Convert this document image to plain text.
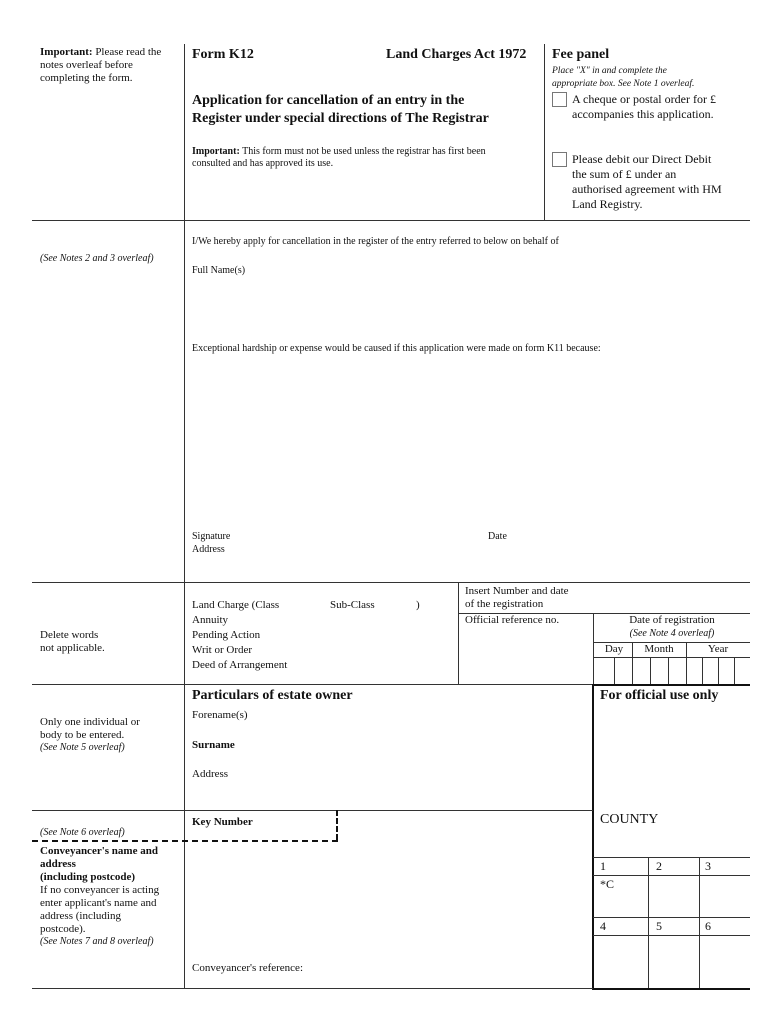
Important: Please read the notes overleaf before completing the form.
Form K12	Land Charges Act 1972
Application for cancellation of an entry in the
Register under special directions of The Registrar
Important: This form must not be used unless the registrar has first been
consulted and has approved its use.
Fee panel
Place "X" in and complete the
appropriate box. See Note 1 overleaf.
A cheque or postal order for £
accompanies this application.
Please debit our Direct Debit
the sum of £ under an
authorised agreement with HM
Land Registry.
(See Notes 2 and 3 overleaf)
I/We hereby apply for cancellation in the register of the entry referred to below on behalf of
Full Name(s)
Exceptional hardship or expense would be caused if this application were made on form K11 because:
Signature	Date
Address
Delete words
not applicable.
Land Charge (Class	Sub-Class	)
Annuity
Pending Action
Writ or Order
Deed of Arrangement
Insert Number and date
of the registration
Official reference no.	Date of registration
(See Note 4 overleaf)
Day	Month	Year
Only one individual or
body to be entered.
(See Note 5 overleaf)
Particulars of estate owner
Forename(s)
Surname
Address
For official use only
COUNTY
1	2	3
*C
4	5	6
(See Note 6 overleaf)
Key Number
Conveyancer's name and
address
(including postcode)
If no conveyancer is acting
enter applicant's name and
address (including
postcode).
(See Notes 7 and 8 overleaf)
Conveyancer's reference:
